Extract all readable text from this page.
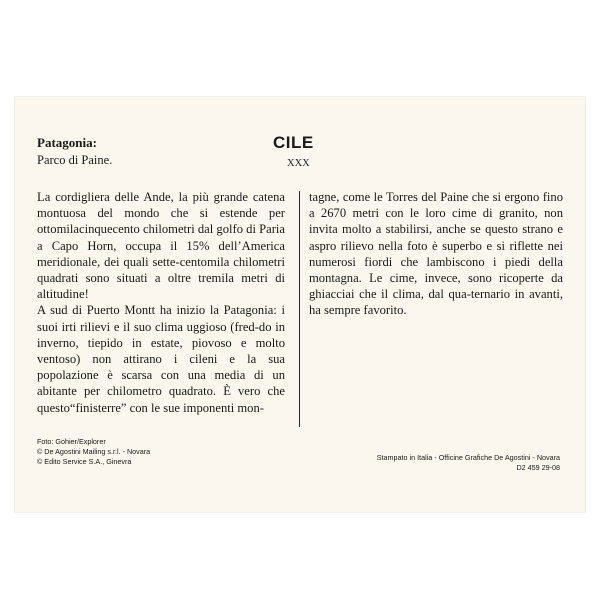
Patagonia:
Parco di Paine.
CILE
XXX

La cordigliera delle Ande, la più grande catena montuosa del mondo che si estende per ottomilacinquecento chilometri dal golfo di Paria a Capo Horn, occupa il 15% dell’America meridionale, dei quali sette-centomila chilometri quadrati sono situati a oltre tremila metri di altitudine!

A sud di Puerto Montt ha inizio la Patagonia: i suoi irti rilievi e il suo clima uggioso (fred-do in inverno, tiepido in estate, piovoso e molto ventoso) non attirano i cileni e la sua popolazione è scarsa con una media di un abitante per chilometro quadrato. È vero che questo“finisterre” con le sue imponenti mon-

tagne, come le Torres del Paine che si ergono fino a 2670 metri con le loro cime di granito, non invita molto a stabilirsi, anche se questo strano e aspro rilievo nella foto è superbo e si riflette nei numerosi fiordi che lambiscono i piedi della montagna. Le cime, invece, sono ricoperte da ghiacciai che il clima, dal qua-ternario in avanti, ha sempre favorito.

Foto: Gohier/Explorer
© De Agostini Mailing s.r.l. - Novara
© Edito Service S.A., Ginevra	Stampato in Italia - Officine Grafiche De Agostini - Novara
D2 459 29-08
